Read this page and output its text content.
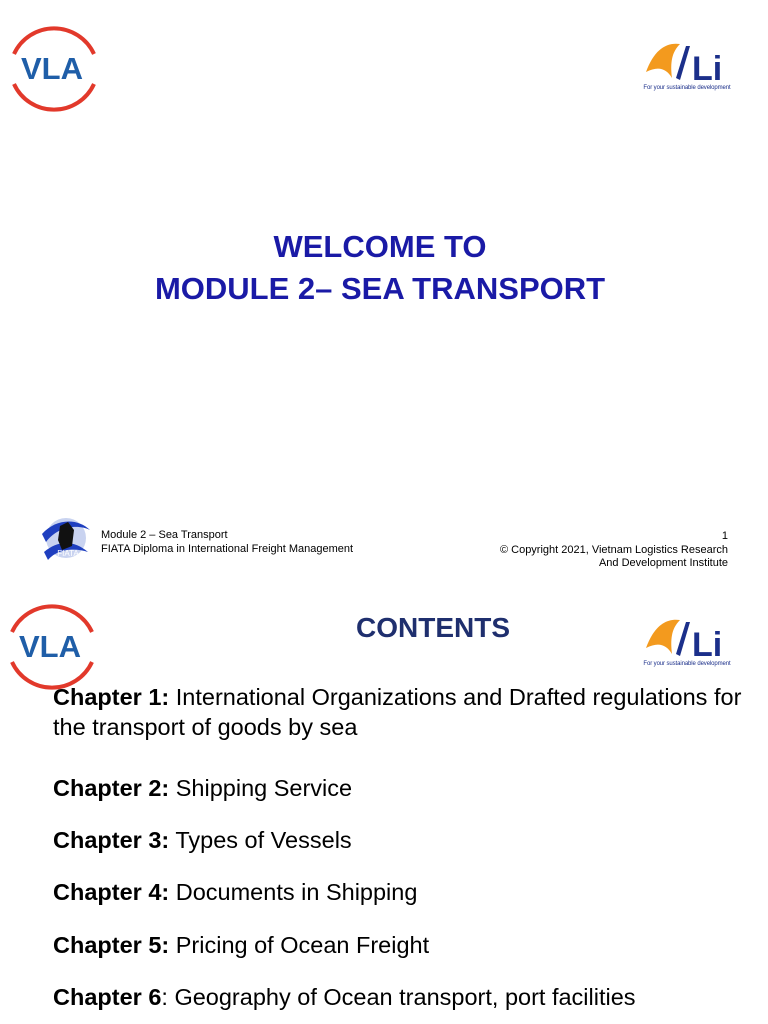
VLA	Li
For your sustainable development
WELCOME TO
MODULE 2– SEA TRANSPORT
FIATA
Module 2 – Sea Transport
FIATA Diploma in International Freight Management
1
© Copyright 2021, Vietnam Logistics Research
And Development Institute
VLA
CONTENTS	Li
For your sustainable development
Chapter 1: International Organizations and Drafted regulations for the transport of goods by sea
Chapter 2: Shipping Service
Chapter 3: Types of Vessels
Chapter 4: Documents in Shipping
Chapter 5: Pricing of Ocean Freight
Chapter 6: Geography of Ocean transport, port facilities
